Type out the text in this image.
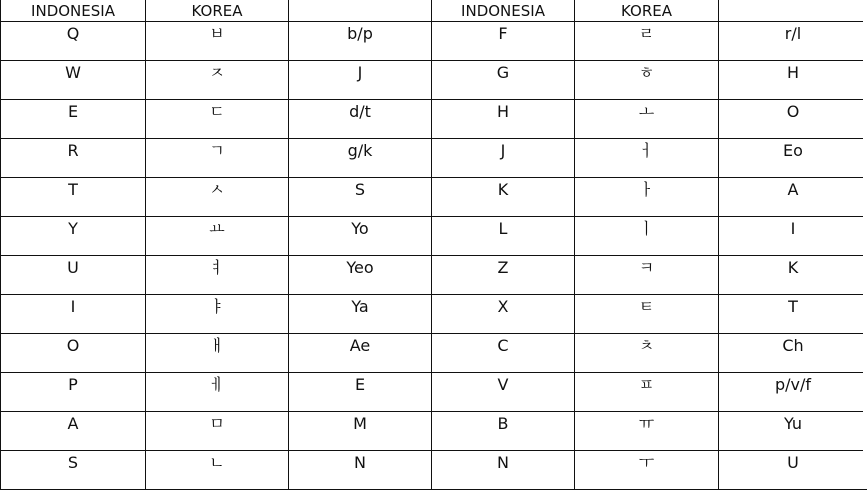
INDONESIA	KOREA		INDONESIA	KOREA	
Q	ㅂ	b/p	F	ㄹ	r/l
W	ㅈ	J	G	ㅎ	H
E	ㄷ	d/t	H	ㅗ	O
R	ㄱ	g/k	J	ㅓ	Eo
T	ㅅ	S	K	ㅏ	A
Y	ㅛ	Yo	L	ㅣ	I
U	ㅕ	Yeo	Z	ㅋ	K
I	ㅑ	Ya	X	ㅌ	T
O	ㅐ	Ae	C	ㅊ	Ch
P	ㅔ	E	V	ㅍ	p/v/f
A	ㅁ	M	B	ㅠ	Yu
S	ㄴ	N	N	ㅜ	U
